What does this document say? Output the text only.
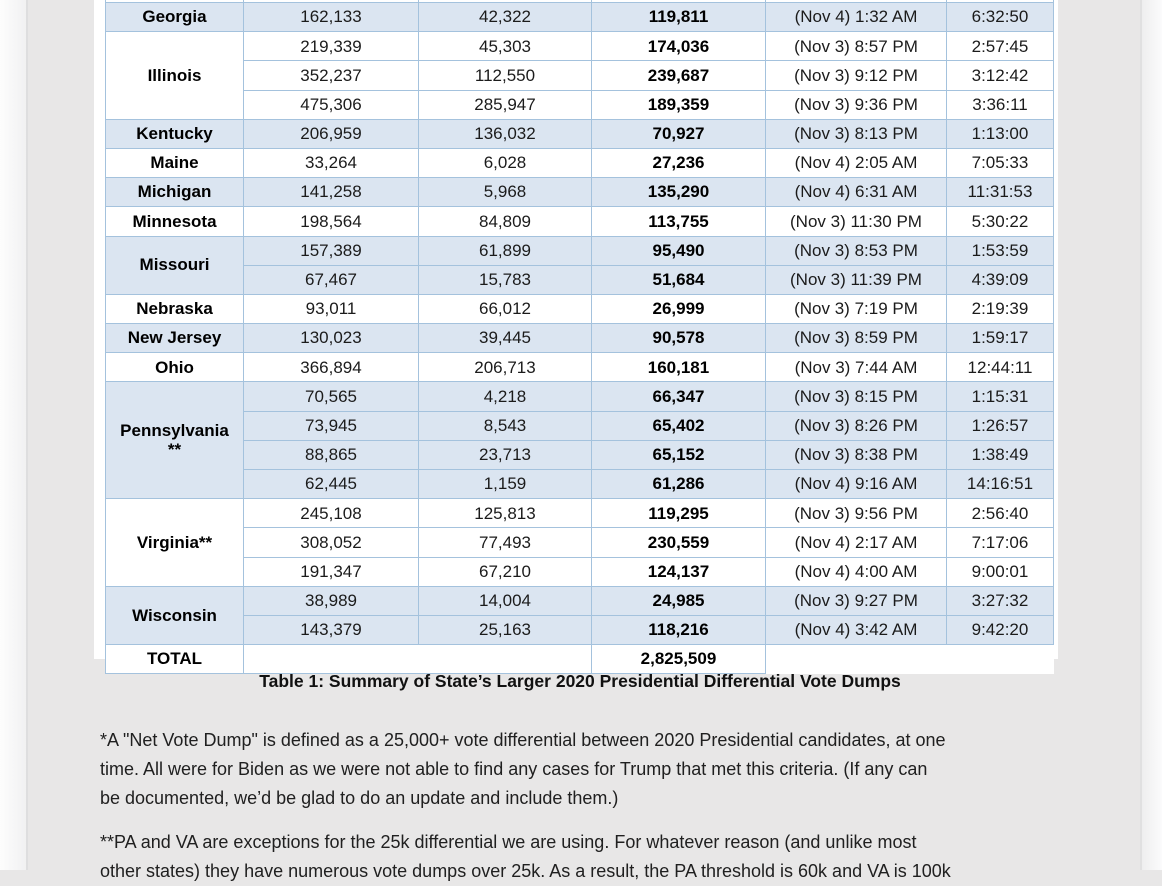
Georgia	162,133	42,322	119,811	(Nov 4) 1:32 AM	6:32:50
Illinois	219,339	45,303	174,036	(Nov 3) 8:57 PM	2:57:45
	352,237	112,550	239,687	(Nov 3) 9:12 PM	3:12:42
	475,306	285,947	189,359	(Nov 3) 9:36 PM	3:36:11
Kentucky	206,959	136,032	70,927	(Nov 3) 8:13 PM	1:13:00
Maine	33,264	6,028	27,236	(Nov 4) 2:05 AM	7:05:33
Michigan	141,258	5,968	135,290	(Nov 4) 6:31 AM	11:31:53
Minnesota	198,564	84,809	113,755	(Nov 3) 11:30 PM	5:30:22
Missouri	157,389	61,899	95,490	(Nov 3) 8:53 PM	1:53:59
	67,467	15,783	51,684	(Nov 3) 11:39 PM	4:39:09
Nebraska	93,011	66,012	26,999	(Nov 3) 7:19 PM	2:19:39
New Jersey	130,023	39,445	90,578	(Nov 3) 8:59 PM	1:59:17
Ohio	366,894	206,713	160,181	(Nov 3) 7:44 AM	12:44:11
Pennsylvania
**	70,565	4,218	66,347	(Nov 3) 8:15 PM	1:15:31
	73,945	8,543	65,402	(Nov 3) 8:26 PM	1:26:57
	88,865	23,713	65,152	(Nov 3) 8:38 PM	1:38:49
	62,445	1,159	61,286	(Nov 4) 9:16 AM	14:16:51
Virginia**	245,108	125,813	119,295	(Nov 3) 9:56 PM	2:56:40
	308,052	77,493	230,559	(Nov 4) 2:17 AM	7:17:06
	191,347	67,210	124,137	(Nov 4) 4:00 AM	9:00:01
Wisconsin	38,989	14,004	24,985	(Nov 3) 9:27 PM	3:27:32
	143,379	25,163	118,216	(Nov 4) 3:42 AM	9:42:20
TOTAL			2,825,509		
Table 1: Summary of State’s Larger 2020 Presidential Differential Vote Dumps
*A "Net Vote Dump" is defined as a 25,000+ vote differential between 2020 Presidential candidates, at one
time. All were for Biden as we were not able to find any cases for Trump that met this criteria. (If any can
be documented, we’d be glad to do an update and include them.)
**PA and VA are exceptions for the 25k differential we are using. For whatever reason (and unlike most
other states) they have numerous vote dumps over 25k. As a result, the PA threshold is 60k and VA is 100k
